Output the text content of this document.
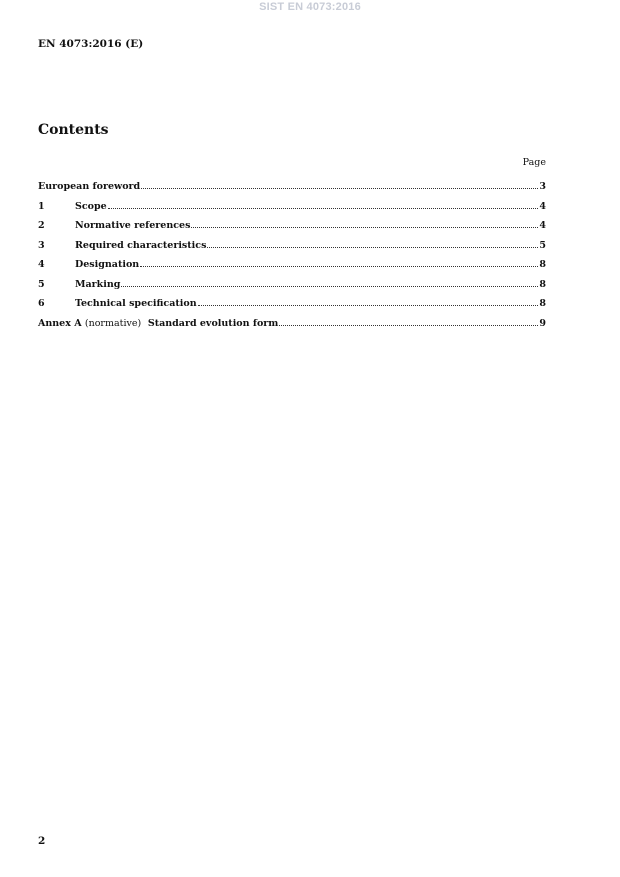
SIST EN 4073:2016
EN 4073:2016 (E)
Contents
Page
European foreword	3
1	Scope	4
2	Normative references	4
3	Required characteristics	5
4	Designation	8
5	Marking	8
6	Technical specification	8
Annex A (normative) Standard evolution form	9
2
